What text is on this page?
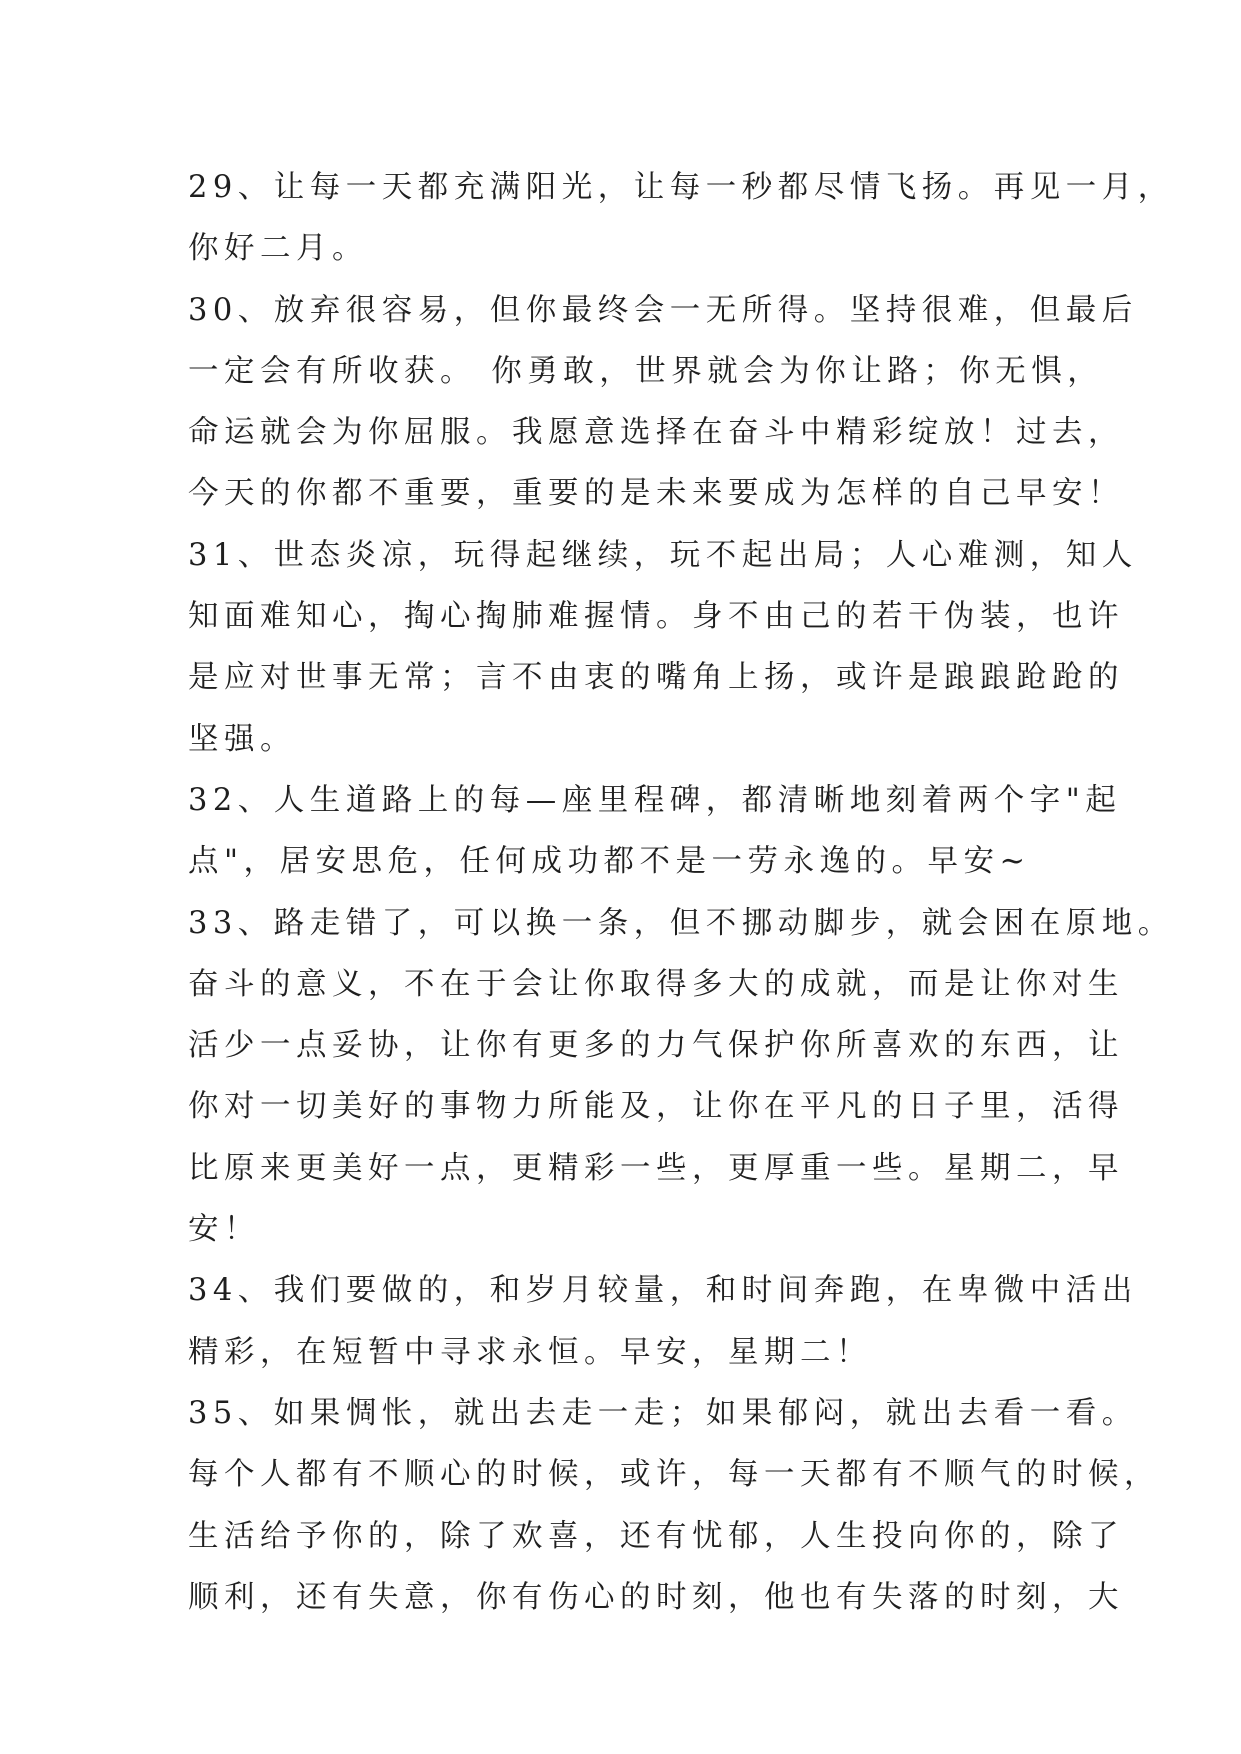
29、让每一天都充满阳光，让每一秒都尽情飞扬。再见一月，
你好二月。
30、放弃很容易，但你最终会一无所得。坚持很难，但最后
一定会有所收获。 你勇敢，世界就会为你让路；你无惧，
命运就会为你屈服。我愿意选择在奋斗中精彩绽放！过去，
今天的你都不重要，重要的是未来要成为怎样的自己早安！
31、世态炎凉，玩得起继续，玩不起出局；人心难测，知人
知面难知心，掏心掏肺难握情。身不由己的若干伪装，也许
是应对世事无常；言不由衷的嘴角上扬，或许是踉踉跄跄的
坚强。
32、人生道路上的每—座里程碑，都清晰地刻着两个字"起
点"，居安思危，任何成功都不是一劳永逸的。早安~
33、路走错了，可以换一条，但不挪动脚步，就会困在原地。
奋斗的意义，不在于会让你取得多大的成就，而是让你对生
活少一点妥协，让你有更多的力气保护你所喜欢的东西，让
你对一切美好的事物力所能及，让你在平凡的日子里，活得
比原来更美好一点，更精彩一些，更厚重一些。星期二，早
安！
34、我们要做的，和岁月较量，和时间奔跑，在卑微中活出
精彩，在短暂中寻求永恒。早安，星期二！
35、如果惆怅，就出去走一走；如果郁闷，就出去看一看。
每个人都有不顺心的时候，或许，每一天都有不顺气的时候，
生活给予你的，除了欢喜，还有忧郁，人生投向你的，除了
顺利，还有失意，你有伤心的时刻，他也有失落的时刻，大
